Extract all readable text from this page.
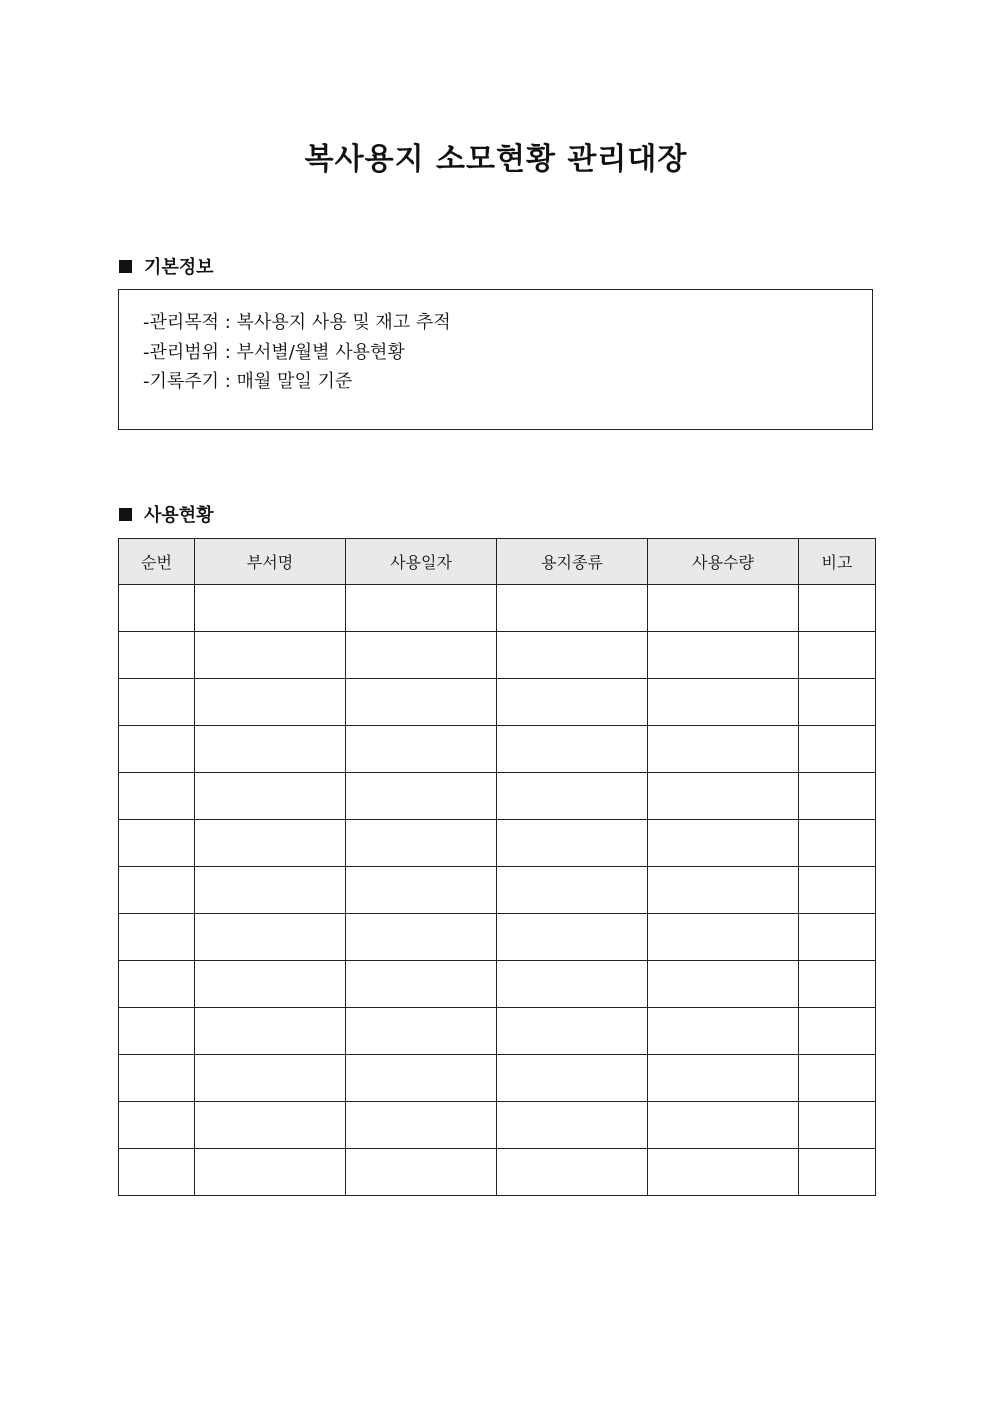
복사용지 소모현황 관리대장
기본정보
-관리목적 : 복사용지 사용 및 재고 추적
-관리범위 : 부서별/월별 사용현황
-기록주기 : 매월 말일 기준
사용현황
순번	부서명	사용일자	용지종류	사용수량	비고
